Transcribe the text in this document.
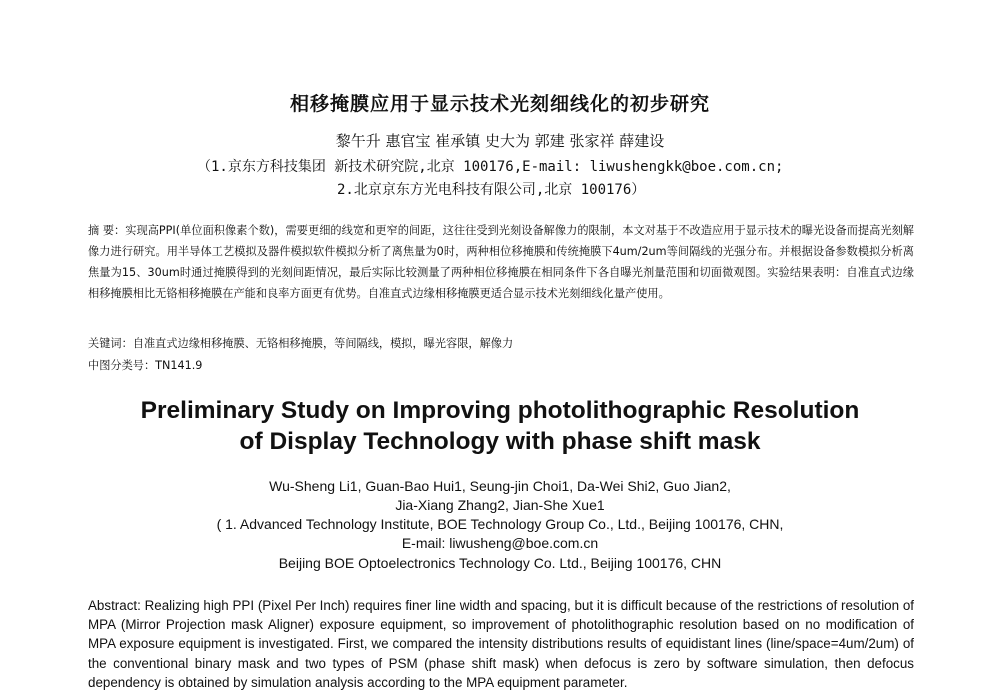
相移掩膜应用于显示技术光刻细线化的初步研究
黎午升 惠官宝 崔承镇 史大为 郭建 张家祥 薛建设
（1.京东方科技集团 新技术研究院,北京 100176,E-mail: liwushengkk@boe.com.cn;
2.北京京东方光电科技有限公司,北京 100176）
摘 要：实现高PPI(单位面积像素个数)，需要更细的线宽和更窄的间距，这往往受到光刻设备解像力的限制，本文对基于不改造应用于显示技术的曝光设备而提高光刻解像力进行研究。用半导体工艺模拟及器件模拟软件模拟分析了离焦量为0时，两种相位移掩膜和传统掩膜下4um/2um等间隔线的光强分布。并根据设备参数模拟分析离焦量为15、30um时通过掩膜得到的光刻间距情况，最后实际比较测量了两种相位移掩膜在相同条件下各自曝光剂量范围和切面微观图。实验结果表明：自准直式边缘相移掩膜相比无铬相移掩膜在产能和良率方面更有优势。自准直式边缘相移掩膜更适合显示技术光刻细线化量产使用。
关键词：自准直式边缘相移掩膜、无铬相移掩膜，等间隔线，模拟，曝光容限，解像力
中图分类号：TN141.9
Preliminary Study on Improving photolithographic Resolution
of Display Technology with phase shift mask
Wu-Sheng Li1, Guan-Bao Hui1, Seung-jin Choi1, Da-Wei Shi2, Guo Jian2,
Jia-Xiang Zhang2, Jian-She Xue1
( 1. Advanced Technology Institute, BOE Technology Group Co., Ltd., Beijing 100176, CHN,
E-mail: liwusheng@boe.com.cn
Beijing BOE Optoelectronics Technology Co. Ltd., Beijing 100176, CHN
Abstract: Realizing high PPI (Pixel Per Inch) requires finer line width and spacing, but it is difficult because of the restrictions of resolution of MPA (Mirror Projection mask Aligner) exposure equipment, so improvement of photolithographic resolution based on no modification of MPA exposure equipment is investigated. First, we compared the intensity distributions results of equidistant lines (line/space=4um/2um) of the conventional binary mask and two types of PSM (phase shift mask) when defocus is zero by software simulation, then defocus dependency is obtained by simulation analysis according to the MPA equipment parameter.
